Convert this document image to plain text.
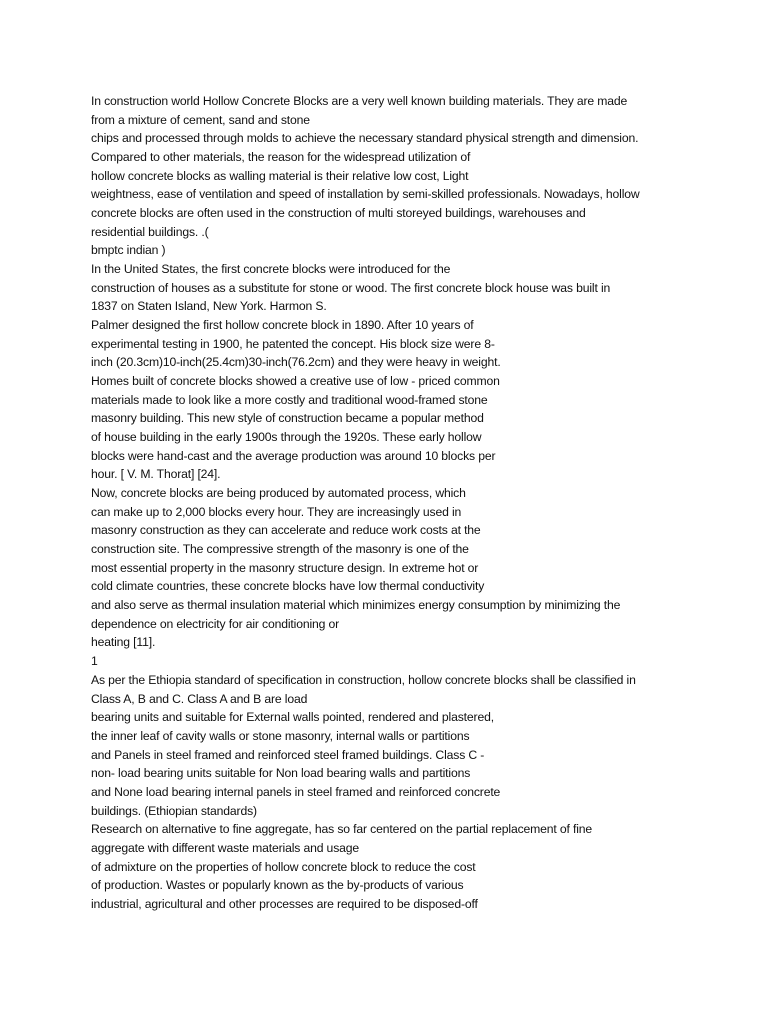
In construction world Hollow Concrete Blocks are a very well known building materials. They are made
from a mixture of cement, sand and stone
chips and processed through molds to achieve the necessary standard physical strength and dimension.
Compared to other materials, the reason for the widespread utilization of
hollow concrete blocks as walling material is their relative low cost, Light
weightness, ease of ventilation and speed of installation by semi-skilled professionals. Nowadays, hollow
concrete blocks are often used in the construction of multi storeyed buildings, warehouses and
residential buildings. .(
bmptc indian )
In the United States, the first concrete blocks were introduced for the
construction of houses as a substitute for stone or wood. The first concrete block house was built in
1837 on Staten Island, New York. Harmon S.
Palmer designed the first hollow concrete block in 1890. After 10 years of
experimental testing in 1900, he patented the concept. His block size were 8-
inch (20.3cm)10-inch(25.4cm)30-inch(76.2cm) and they were heavy in weight.
Homes built of concrete blocks showed a creative use of low - priced common
materials made to look like a more costly and traditional wood-framed stone
masonry building. This new style of construction became a popular method
of house building in the early 1900s through the 1920s. These early hollow
blocks were hand-cast and the average production was around 10 blocks per
hour. [ V. M. Thorat] [24].
Now, concrete blocks are being produced by automated process, which
can make up to 2,000 blocks every hour. They are increasingly used in
masonry construction as they can accelerate and reduce work costs at the
construction site. The compressive strength of the masonry is one of the
most essential property in the masonry structure design. In extreme hot or
cold climate countries, these concrete blocks have low thermal conductivity
and also serve as thermal insulation material which minimizes energy consumption by minimizing the
dependence on electricity for air conditioning or
heating [11].
1
As per the Ethiopia standard of specification in construction, hollow concrete blocks shall be classified in
Class A, B and C. Class A and B are load
bearing units and suitable for External walls pointed, rendered and plastered,
the inner leaf of cavity walls or stone masonry, internal walls or partitions
and Panels in steel framed and reinforced steel framed buildings. Class C -
non- load bearing units suitable for Non load bearing walls and partitions
and None load bearing internal panels in steel framed and reinforced concrete
buildings. (Ethiopian standards)
Research on alternative to fine aggregate, has so far centered on the partial replacement of fine
aggregate with different waste materials and usage
of admixture on the properties of hollow concrete block to reduce the cost
of production. Wastes or popularly known as the by-products of various
industrial, agricultural and other processes are required to be disposed-off
